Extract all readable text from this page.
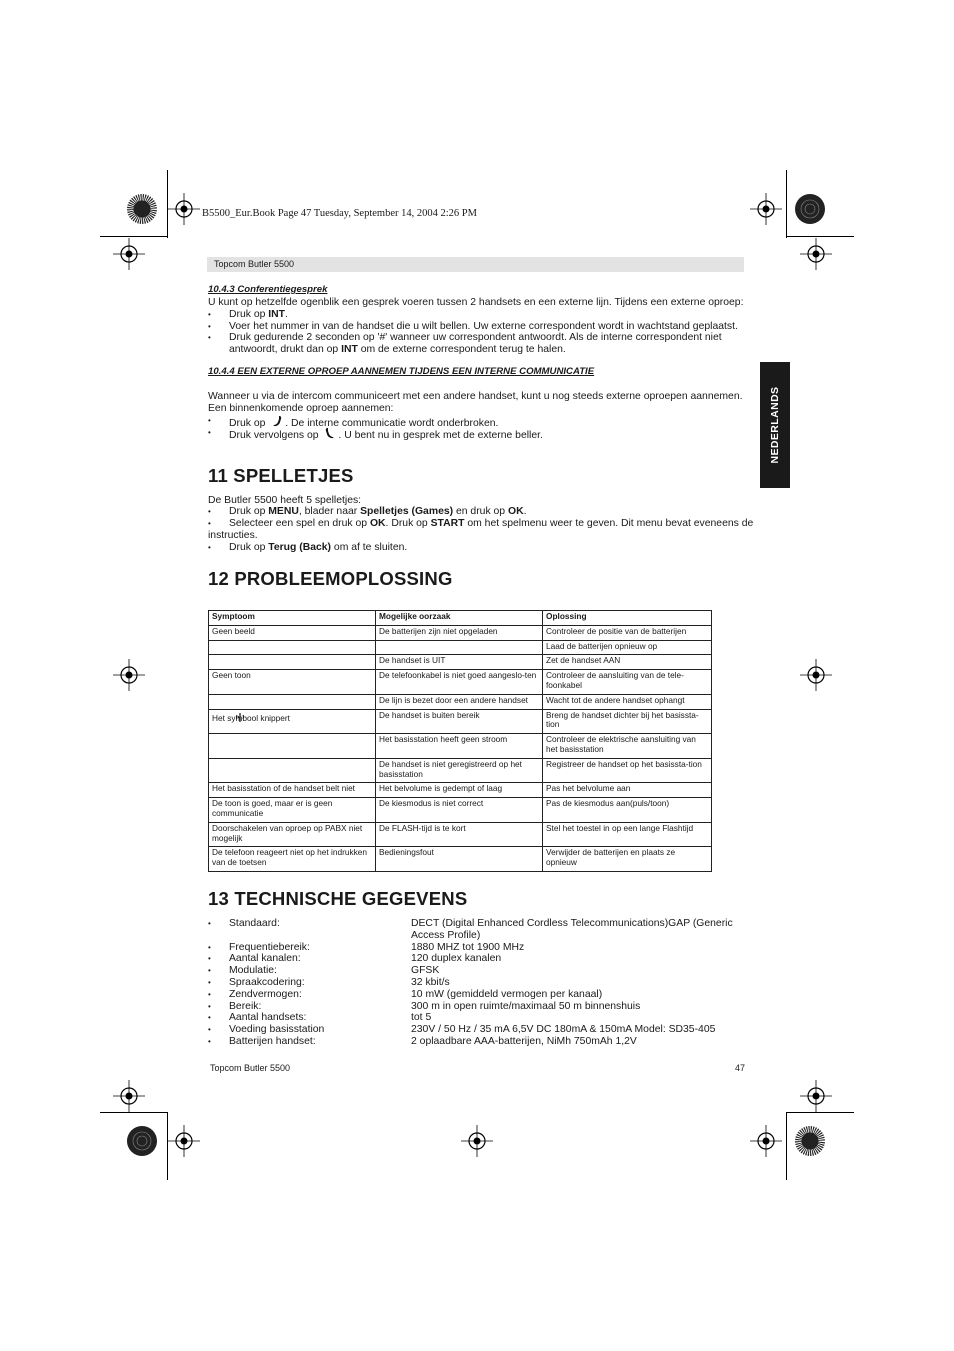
B5500_Eur.Book Page 47 Tuesday, September 14, 2004 2:26 PM
Topcom Butler 5500
NEDERLANDS
10.4.3 Conferentiegesprek
U kunt op hetzelfde ogenblik een gesprek voeren tussen 2 handsets en een externe lijn. Tijdens een externe oproep:
• Druk op INT.
• Voer het nummer in van de handset die u wilt bellen. Uw externe correspondent wordt in wachtstand geplaatst.
• Druk gedurende 2 seconden op '#' wanneer uw correspondent antwoordt. Als de interne correspondent niet antwoordt, drukt dan op INT om de externe correspondent terug te halen.
10.4.4 EEN EXTERNE OPROEP AANNEMEN TIJDENS EEN INTERNE COMMUNICATIE
Wanneer u via de intercom communiceert met een andere handset, kunt u nog steeds externe oproepen aannemen. Een binnenkomende oproep aannemen:
• Druk op . De interne communicatie wordt onderbroken.
• Druk vervolgens op . U bent nu in gesprek met de externe beller.
11 SPELLETJES
De Butler 5500 heeft 5 spelletjes:
• Druk op MENU, blader naar Spelletjes (Games) en druk op OK.
• Selecteer een spel en druk op OK. Druk op START om het spelmenu weer te geven. Dit menu bevat eveneens de
instructies.
• Druk op Terug (Back) om af te sluiten.
12 PROBLEEMOPLOSSING
Symptoom	Mogelijke oorzaak	Oplossing
Geen beeld	De batterijen zijn niet opgeladen	Controleer de positie van de batterijen
		Laad de batterijen opnieuw op
	De handset is UIT	Zet de handset AAN
Geen toon	De telefoonkabel is niet goed aangeslo-ten	Controleer de aansluiting van de tele-foonkabel
	De lijn is bezet door een andere handset	Wacht tot de andere handset ophangt
Het symbool knippert	De handset is buiten bereik	Breng de handset dichter bij het basissta-tion
	Het basisstation heeft geen stroom	Controleer de elektrische aansluiting van het basisstation
	De handset is niet geregistreerd op het basisstation	Registreer de handset op het basissta-tion
Het basisstation of de handset belt niet	Het belvolume is gedempt of laag	Pas het belvolume aan
De toon is goed, maar er is geen communicatie	De kiesmodus is niet correct	Pas de kiesmodus aan(puls/toon)
Doorschakelen van oproep op PABX niet mogelijk	De FLASH-tijd is te kort	Stel het toestel in op een lange Flashtijd
De telefoon reageert niet op het indrukken van de toetsen	Bedieningsfout	Verwijder de batterijen en plaats ze opnieuw
13 TECHNISCHE GEGEVENS
• Standaard:	DECT (Digital Enhanced Cordless Telecommunications)GAP (Generic Access Profile)
• Frequentiebereik:	1880 MHZ tot 1900 MHz
• Aantal kanalen:	120 duplex kanalen
• Modulatie:	GFSK
• Spraakcodering:	32 kbit/s
• Zendvermogen:	10 mW (gemiddeld vermogen per kanaal)
• Bereik:	300 m in open ruimte/maximaal 50 m binnenshuis
• Aantal handsets:	tot 5
• Voeding basisstation	230V / 50 Hz / 35 mA 6,5V DC 180mA & 150mA Model: SD35-405
• Batterijen handset:	2 oplaadbare AAA-batterijen, NiMh 750mAh 1,2V
Topcom Butler 5500	47
